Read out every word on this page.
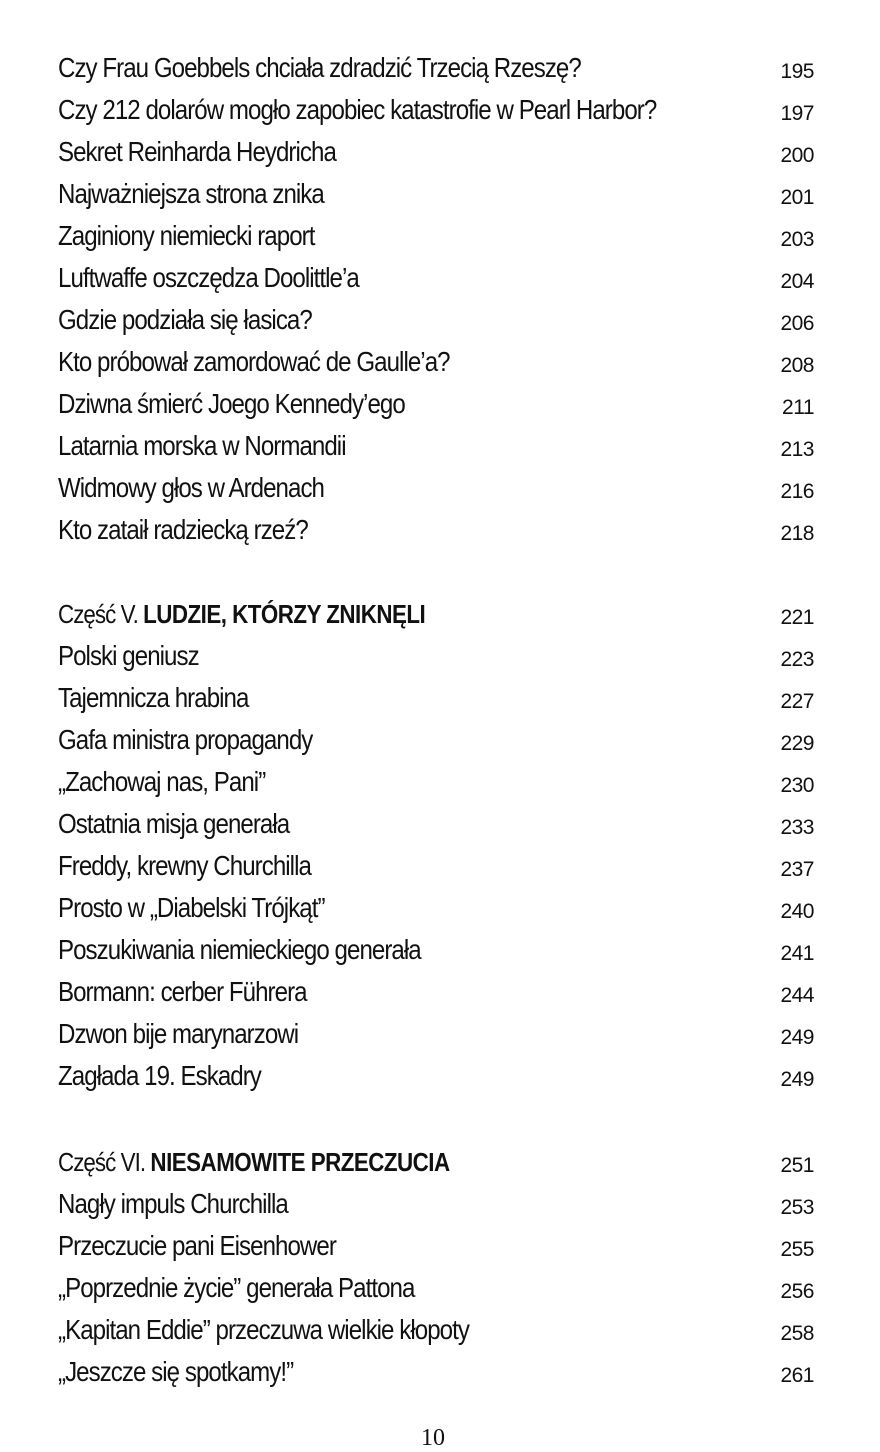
Czy Frau Goebbels chciała zdradzić Trzecią Rzeszę?	195
Czy 212 dolarów mogło zapobiec katastrofie w Pearl Harbor?	197
Sekret Reinharda Heydricha	200
Najważniejsza strona znika	201
Zaginiony niemiecki raport	203
Luftwaffe oszczędza Doolittle’a	204
Gdzie podziała się łasica?	206
Kto próbował zamordować de Gaulle’a?	208
Dziwna śmierć Joego Kennedy’ego	211
Latarnia morska w Normandii	213
Widmowy głos w Ardenach	216
Kto zataił radziecką rzeź?	218
Część V. LUDZIE, KTÓRZY ZNIKNĘLI	221
Polski geniusz	223
Tajemnicza hrabina	227
Gafa ministra propagandy	229
„Zachowaj nas, Pani”	230
Ostatnia misja generała	233
Freddy, krewny Churchilla	237
Prosto w „Diabelski Trójkąt”	240
Poszukiwania niemieckiego generała	241
Bormann: cerber Führera	244
Dzwon bije marynarzowi	249
Zagłada 19. Eskadry	249
Część VI. NIESAMOWITE PRZECZUCIA	251
Nagły impuls Churchilla	253
Przeczucie pani Eisenhower	255
„Poprzednie życie” generała Pattona	256
„Kapitan Eddie” przeczuwa wielkie kłopoty	258
„Jeszcze się spotkamy!”	261
10
